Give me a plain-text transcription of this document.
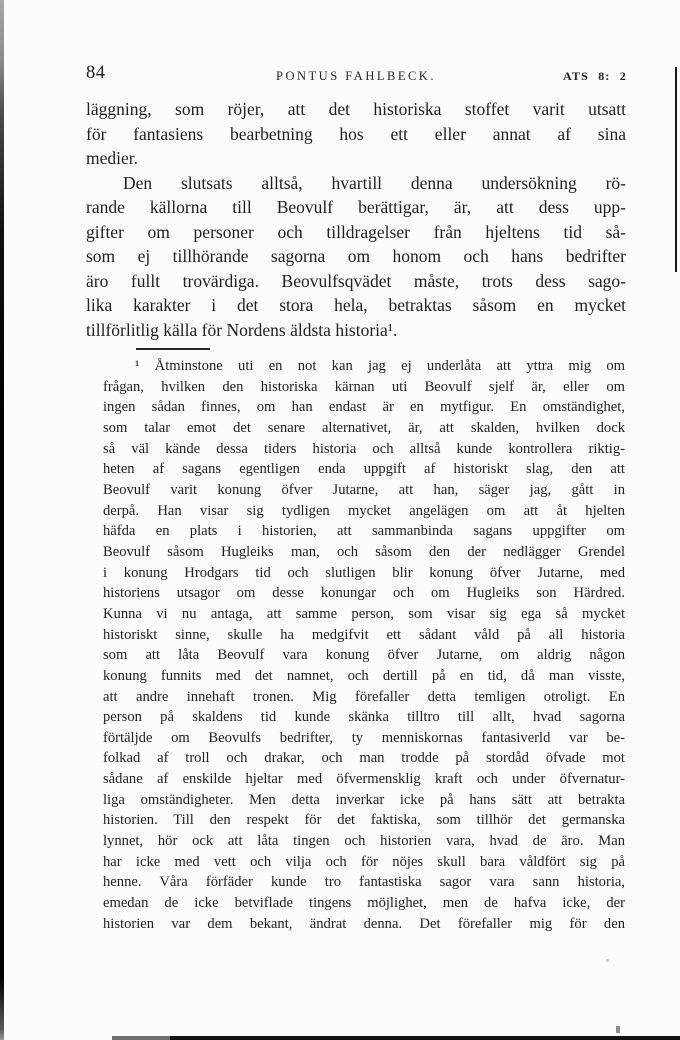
84	PONTUS FAHLBECK.	ATS 8: 2
läggning, som röjer, att det historiska stoffet varit utsatt
för fantasiens bearbetning hos ett eller annat af sina
medier.
Den slutsats alltså, hvartill denna undersökning rö-
rande källorna till Beovulf berättigar, är, att dess upp-
gifter om personer och tilldragelser från hjeltens tid så-
som ej tillhörande sagorna om honom och hans bedrifter
äro fullt trovärdiga. Beovulfsqvädet måste, trots dess sago-
lika karakter i det stora hela, betraktas såsom en mycket
tillförlitlig källa för Nordens äldsta historia¹.
¹ Åtminstone uti en not kan jag ej underlåta att yttra mig om
frågan, hvilken den historiska kärnan uti Beovulf sjelf är, eller om
ingen sådan finnes, om han endast är en mytfigur. En omständighet,
som talar emot det senare alternativet, är, att skalden, hvilken dock
så väl kände dessa tiders historia och alltså kunde kontrollera riktig-
heten af sagans egentligen enda uppgift af historiskt slag, den att
Beovulf varit konung öfver Jutarne, att han, säger jag, gått in
derpå. Han visar sig tydligen mycket angelägen om att åt hjelten
häfda en plats i historien, att sammanbinda sagans uppgifter om
Beovulf såsom Hugleiks man, och såsom den der nedlägger Grendel
i konung Hrodgars tid och slutligen blir konung öfver Jutarne, med
historiens utsagor om desse konungar och om Hugleiks son Härdred.
Kunna vi nu antaga, att samme person, som visar sig ega så mycket
historiskt sinne, skulle ha medgifvit ett sådant våld på all historia
som att låta Beovulf vara konung öfver Jutarne, om aldrig någon
konung funnits med det namnet, och dertill på en tid, då man visste,
att andre innehaft tronen. Mig förefaller detta temligen otroligt. En
person på skaldens tid kunde skänka tilltro till allt, hvad sagorna
förtäljde om Beovulfs bedrifter, ty menniskornas fantasiverld var be-
folkad af troll och drakar, och man trodde på stordåd öfvade mot
sådane af enskilde hjeltar med öfvermensklig kraft och under öfvernatur-
liga omständigheter. Men detta inverkar icke på hans sätt att betrakta
historien. Till den respekt för det faktiska, som tillhör det germanska
lynnet, hör ock att låta tingen och historien vara, hvad de äro. Man
har icke med vett och vilja och för nöjes skull bara våldfört sig på
henne. Våra förfäder kunde tro fantastiska sagor vara sann historia,
emedan de icke betviflade tingens möjlighet, men de hafva icke, der
historien var dem bekant, ändrat denna. Det förefaller mig för den
